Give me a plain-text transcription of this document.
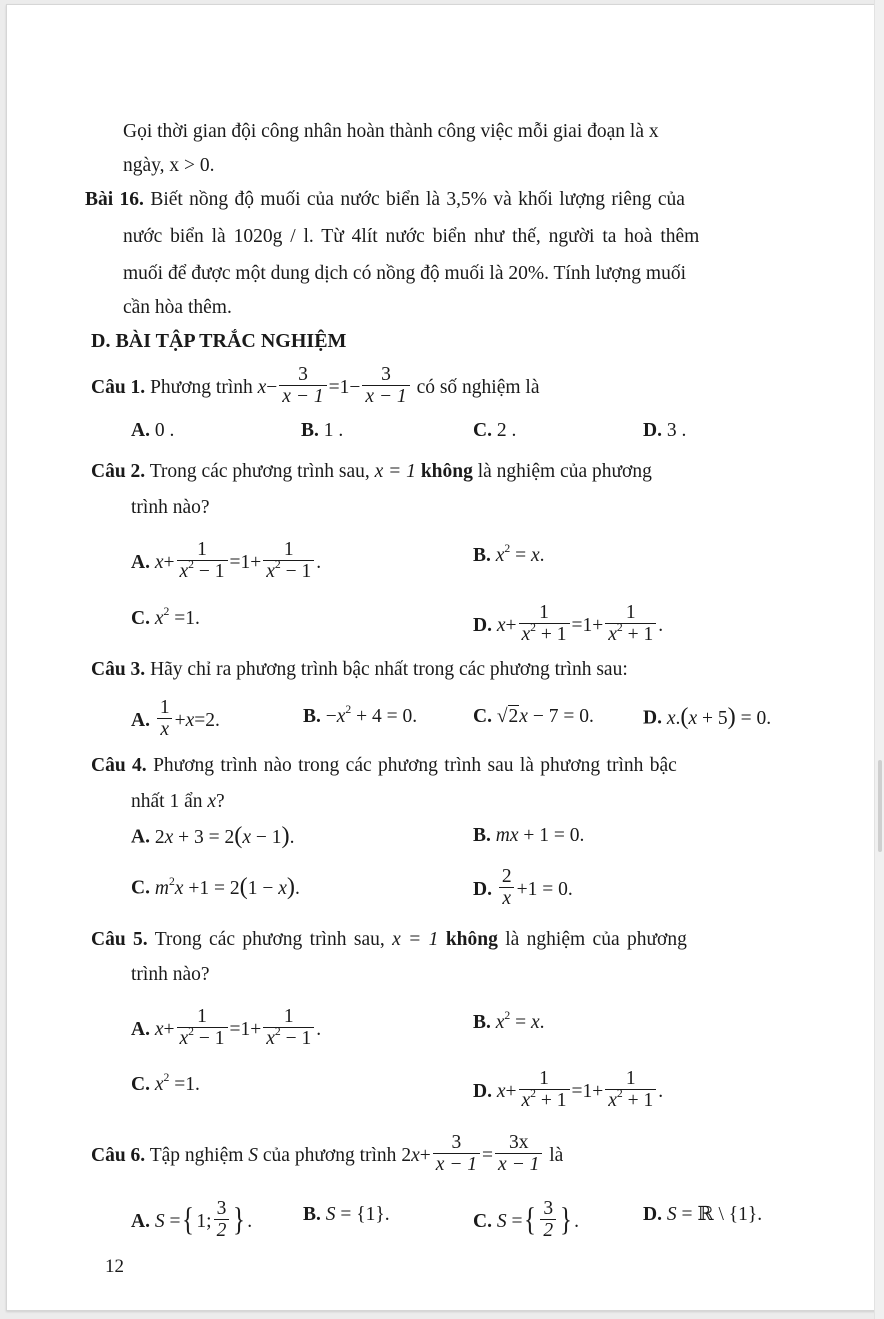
Gọi thời gian đội công nhân hoàn thành công việc mỗi giai đoạn là x
ngày, x > 0.
Bài 16. Biết nồng độ muối của nước biển là 3,5% và khối lượng riêng của
nước biển là 1020g / l. Từ 4lít nước biển như thế, người ta hoà thêm
muối để được một dung dịch có nồng độ muối là 20%. Tính lượng muối
cần hòa thêm.
D. BÀI TẬP TRẮC NGHIỆM
Câu 1. Phương trình $x- \frac{3}{x - 1} =1- \frac{3}{x - 1}$ có số nghiệm là
A. 0 .	B. 1 .	C. 2 .	D. 3 .
Câu 2. Trong các phương trình sau, x = 1 không là nghiệm của phương
trình nào?
A. $x+ \frac{1}{x^2 - 1} =1+ \frac{1}{x^2 - 1}$ .	B. $x^2 = x$.
C. $x^2 =1$.	D. $x+ \frac{1}{x^2 + 1} =1+ \frac{1}{x^2 + 1}$ .
Câu 3. Hãy chỉ ra phương trình bậc nhất trong các phương trình sau:
A. $\frac{1}{x} +x=2$.	B. $-x^2 + 4 = 0$.	C. √2x − 7 = 0.	D. x.(x + 5) = 0.
Câu 4. Phương trình nào trong các phương trình sau là phương trình bậc
nhất 1 ẩn x?
A. 2x + 3 = 2(x − 1).	B. mx + 1 = 0.
C. $m^2x +1 = 2(1 - x)$.	D. $\frac{2}{x} +1 = 0$.
Câu 5. Trong các phương trình sau, x = 1 không là nghiệm của phương
trình nào?
A. $x+ \frac{1}{x^2 - 1} =1+ \frac{1}{x^2 - 1}$ .	B. $x^2 = x$.
C. $x^2 =1$.	D. $x+ \frac{1}{x^2 + 1} =1+ \frac{1}{x^2 + 1}$ .
Câu 6. Tập nghiệm S của phương trình $2x+ \frac{3}{x - 1} = \frac{3x}{x - 1}$ là
A. S ={ 1; $\frac{3}{2}$ } .	B. S = {1}.	C. S ={ $\frac{3}{2}$ } .	D. S = ℝ \ {1}.
12
